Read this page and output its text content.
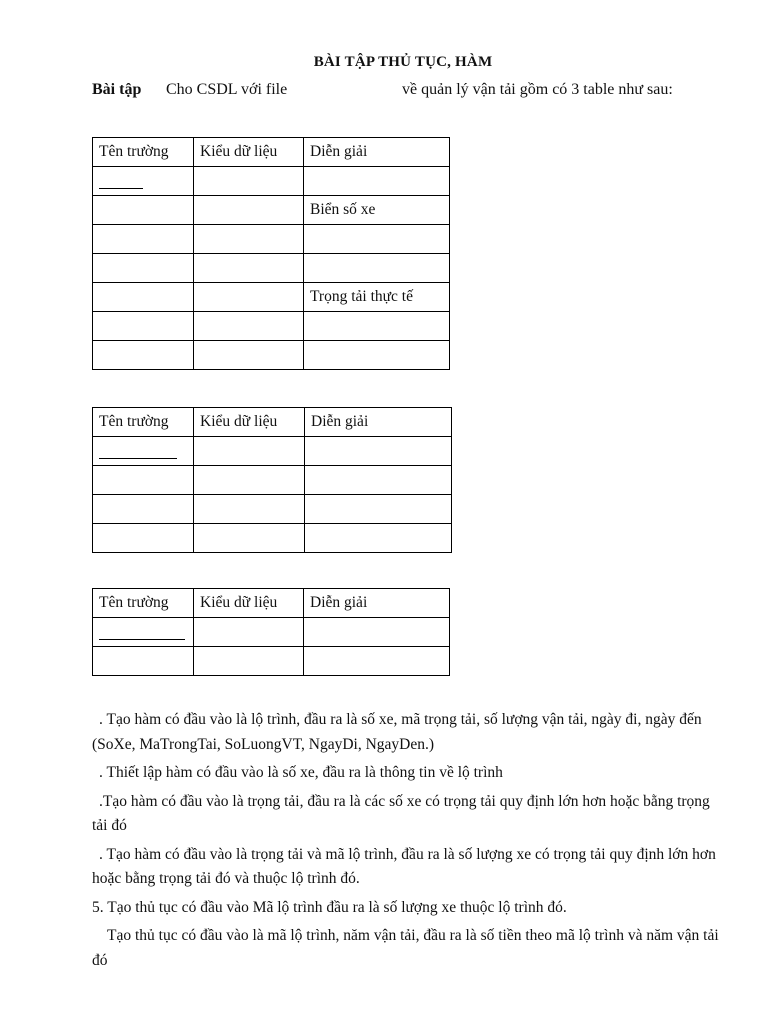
BÀI TẬP THỦ TỤC, HÀM
Bài tập Cho CSDL với file	về quản lý vận tải gồm có 3 table như sau:
Tên trường	Kiểu dữ liệu	Diễn giải

		Biển số xe

		Trọng tải thực tế

Tên trường	Kiểu dữ liệu	Diễn giải

Tên trường	Kiểu dữ liệu	Diễn giải

. Tạo hàm có đầu vào là lộ trình, đầu ra là số xe, mã trọng tải, số lượng vận tải, ngày đi, ngày đến (SoXe, MaTrongTai, SoLuongVT, NgayDi, NgayDen.)

. Thiết lập hàm có đầu vào là số xe, đầu ra là thông tin về lộ trình

.Tạo hàm có đầu vào là trọng tải, đầu ra là các số xe có trọng tải quy định lớn hơn hoặc bằng trọng tải đó

. Tạo hàm có đầu vào là trọng tải và mã lộ trình, đầu ra là số lượng xe có trọng tải quy định lớn hơn hoặc bằng trọng tải đó và thuộc lộ trình đó.

5. Tạo thủ tục có đầu vào Mã lộ trình đầu ra là số lượng xe thuộc lộ trình đó.

Tạo thủ tục có đầu vào là mã lộ trình, năm vận tải, đầu ra là số tiền theo mã lộ trình và năm vận tải đó
